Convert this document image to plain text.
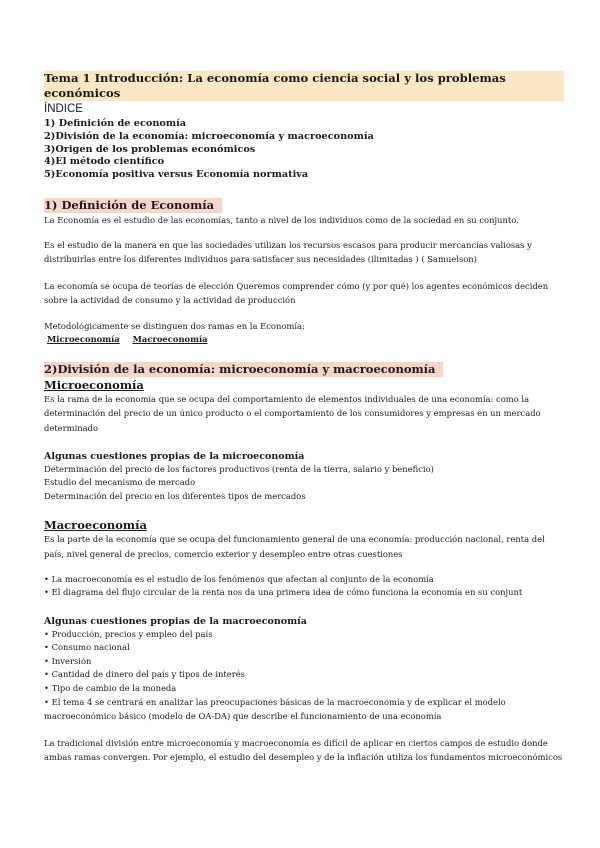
Tema 1 Introducción: La economía como ciencia social y los problemas económicos
ÍNDICE
1) Definición de economía
2)División de la economía: microeconomía y macroeconomía
3)Origen de los problemas económicos
4)El método científico
5)Economía positiva versus Economía normativa
1) Definición de Economía
La Economía es el estudio de las economías, tanto a nivel de los individuos como de la sociedad en su conjunto.
Es el estudio de la manera en que las sociedades utilizan los recursos escasos para producir mercancías valiosas y distribuirlas entre los diferentes individuos para satisfacer sus necesidades (ilimitadas ) ( Samuelson)
La economía se ocupa de teorías de elección Queremos comprender cómo (y por qué) los agentes económicos deciden sobre la actividad de consumo y la actividad de producción
Metodológicamente se distinguen dos ramas en la Economía:
Microeconomía Macroeconomía
2)División de la economía: microeconomía y macroeconomía
Microeconomía
Es la rama de la economía que se ocupa del comportamiento de elementos individuales de una economía: como la determinación del precio de un único producto o el comportamiento de los consumidores y empresas en un mercado determinado
Algunas cuestiones propias de la microeconomía
Determinación del precio de los factores productivos (renta de la tierra, salario y beneficio)
Estudio del mecanismo de mercado
Determinación del precio en los diferentes tipos de mercados
Macroeconomía
Es la parte de la economía que se ocupa del funcionamiento general de una economía: producción nacional, renta del país, nivel general de precios, comercio exterior y desempleo entre otras cuestiones
• La macroeconomía es el estudio de los fenómenos que afectan al conjunto de la economía
• El diagrama del flujo circular de la renta nos da una primera idea de cómo funciona la economía en su conjunt
Algunas cuestiones propias de la macroeconomía
• Producción, precios y empleo del país
• Consumo nacional
• Inversión
• Cantidad de dinero del país y tipos de interés
• Tipo de cambio de la moneda
• El tema 4 se centrará en analizar las preocupaciones básicas de la macroeconomía y de explicar el modelo macroeconómico básico (modelo de OA-DA) que describe el funcionamiento de una economía
La tradicional división entre microeconomía y macroeconomía es difícil de aplicar en ciertos campos de estudio donde ambas ramas convergen. Por ejemplo, el estudio del desempleo y de la inflación utiliza los fundamentos microeconómicos
